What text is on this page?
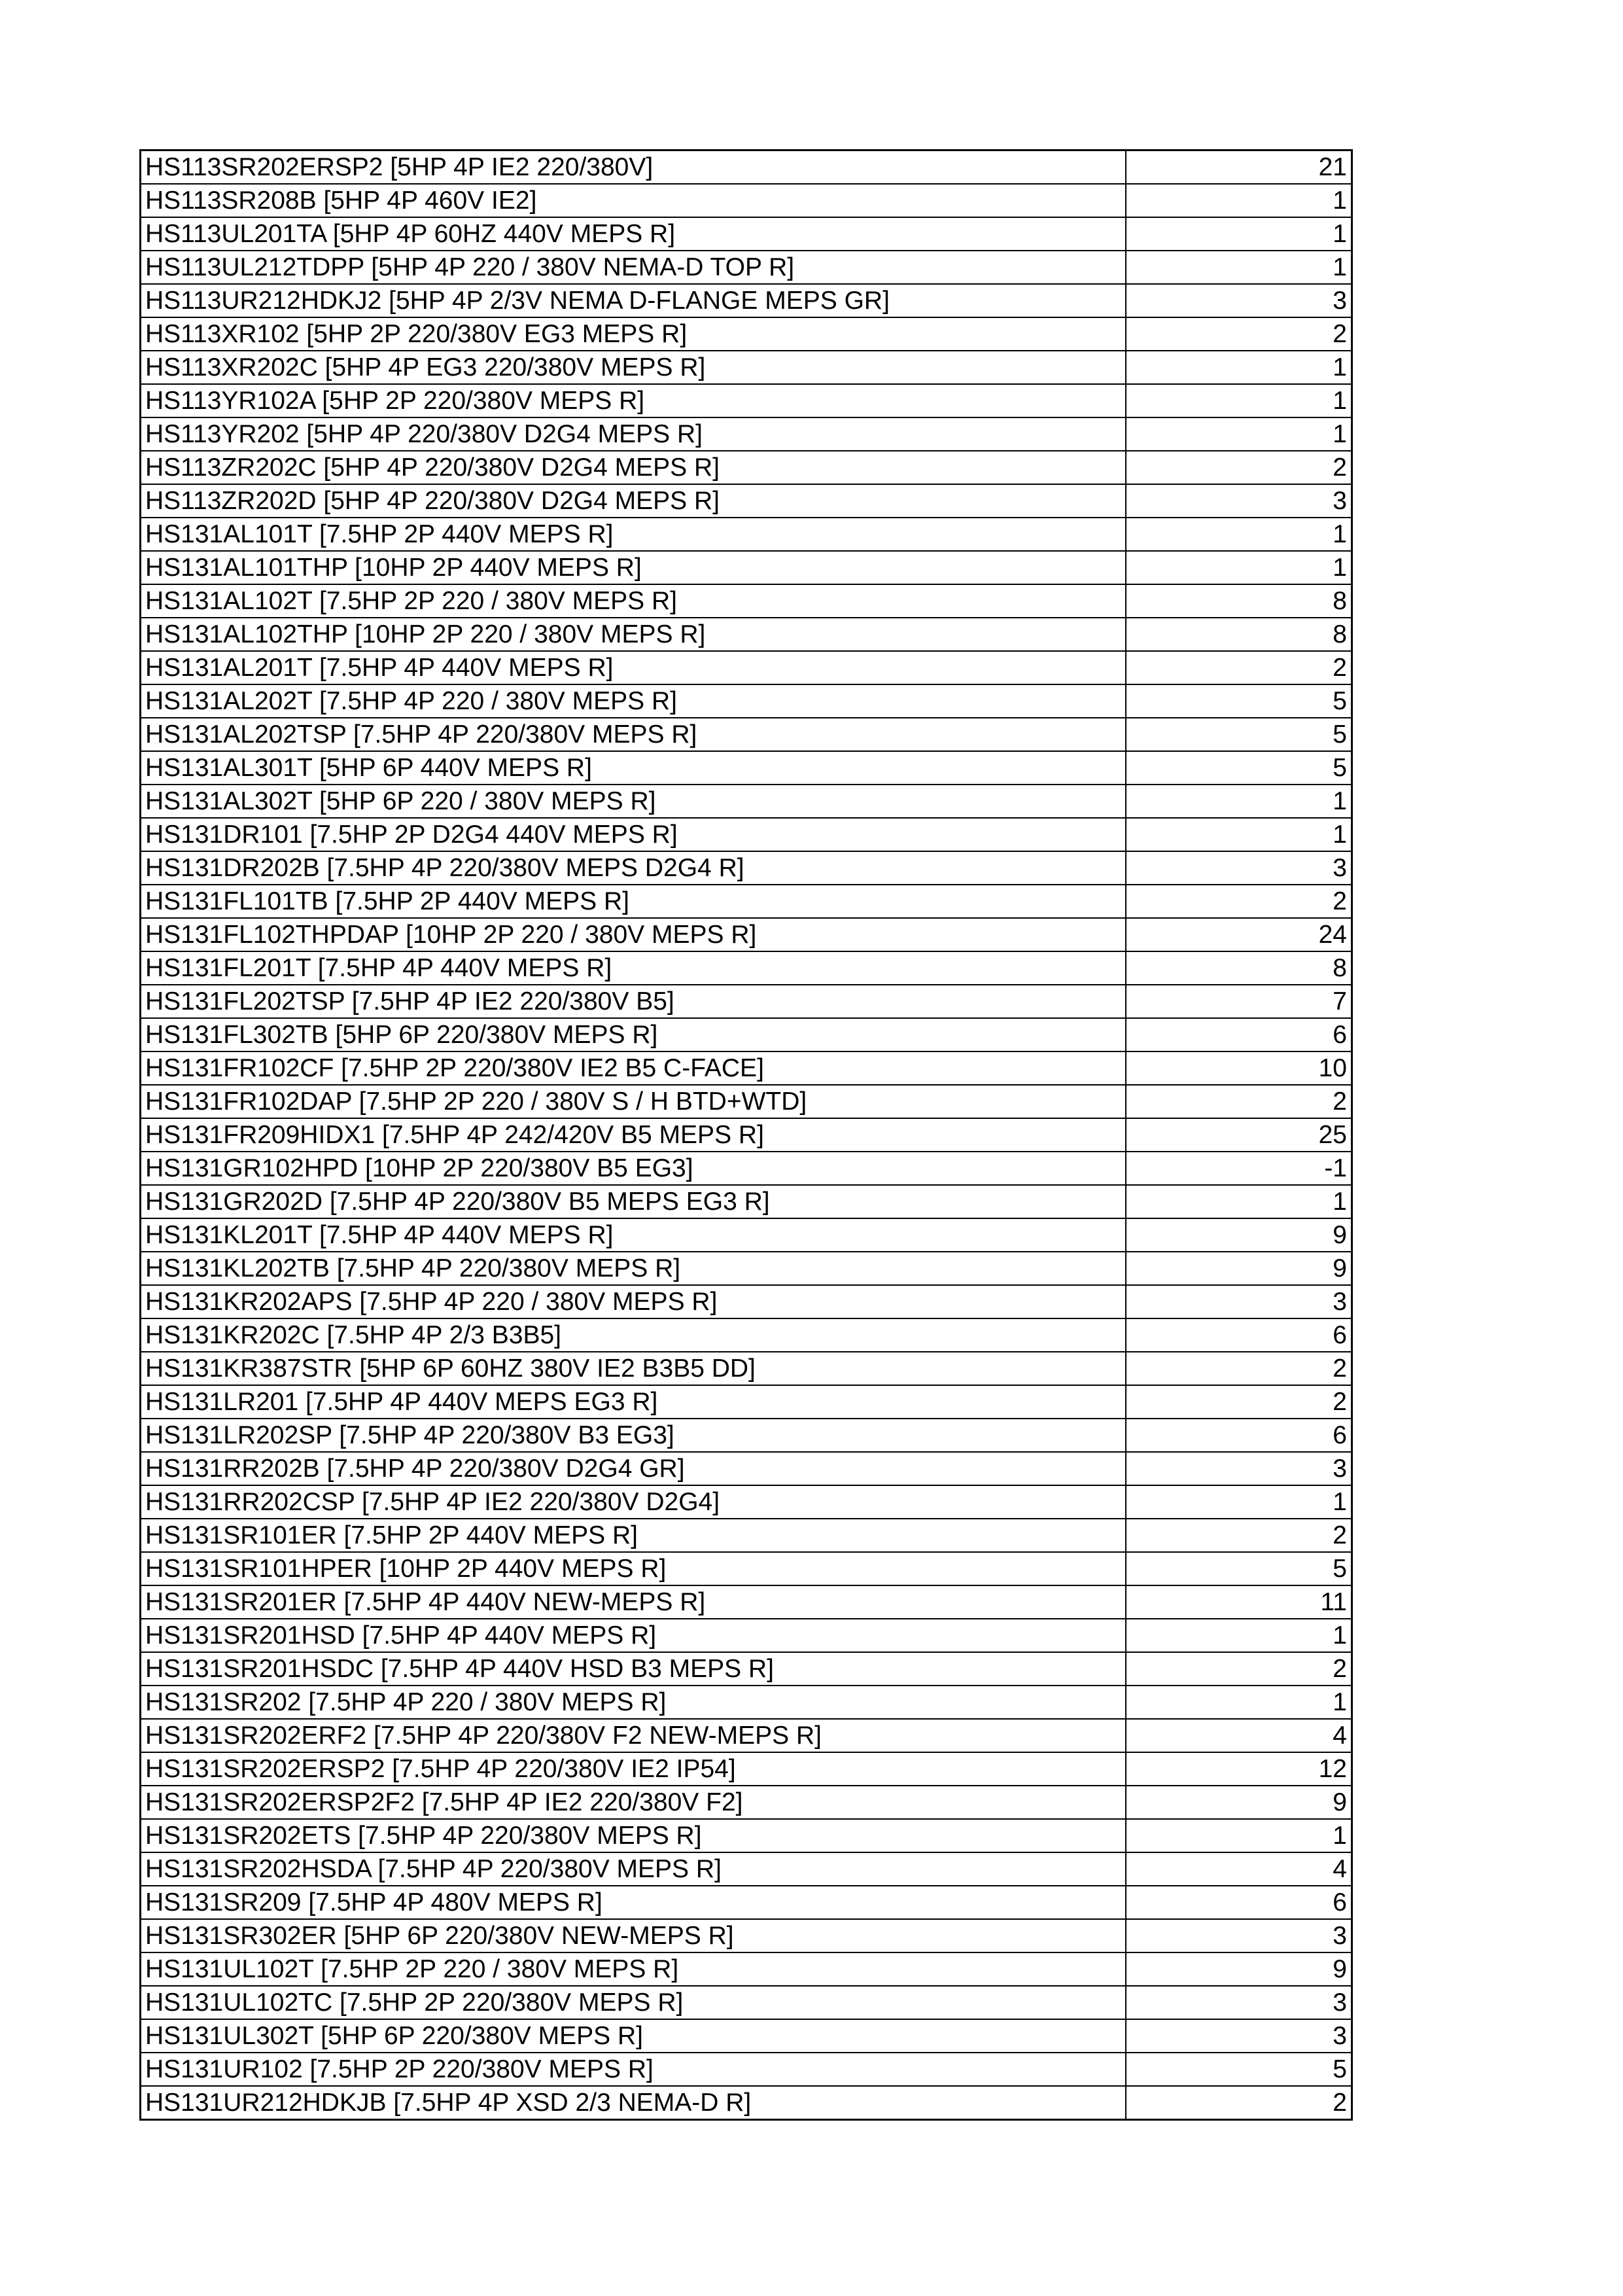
HS113SR202ERSP2 [5HP 4P IE2 220/380V]	21
HS113SR208B [5HP 4P 460V IE2]	1
HS113UL201TA [5HP 4P 60HZ 440V MEPS R]	1
HS113UL212TDPP [5HP 4P 220 / 380V NEMA-D TOP R]	1
HS113UR212HDKJ2 [5HP 4P 2/3V NEMA D-FLANGE MEPS GR]	3
HS113XR102 [5HP 2P 220/380V EG3 MEPS R]	2
HS113XR202C [5HP 4P EG3 220/380V MEPS R]	1
HS113YR102A [5HP 2P 220/380V MEPS R]	1
HS113YR202 [5HP 4P 220/380V D2G4 MEPS R]	1
HS113ZR202C [5HP 4P 220/380V D2G4 MEPS R]	2
HS113ZR202D [5HP 4P 220/380V D2G4 MEPS R]	3
HS131AL101T [7.5HP 2P 440V MEPS R]	1
HS131AL101THP [10HP 2P 440V MEPS R]	1
HS131AL102T [7.5HP 2P 220 / 380V MEPS R]	8
HS131AL102THP [10HP 2P 220 / 380V MEPS R]	8
HS131AL201T [7.5HP 4P 440V MEPS R]	2
HS131AL202T [7.5HP 4P 220 / 380V MEPS R]	5
HS131AL202TSP [7.5HP 4P 220/380V MEPS R]	5
HS131AL301T [5HP 6P 440V MEPS R]	5
HS131AL302T [5HP 6P 220 / 380V MEPS R]	1
HS131DR101 [7.5HP 2P D2G4 440V MEPS R]	1
HS131DR202B [7.5HP 4P 220/380V MEPS D2G4 R]	3
HS131FL101TB [7.5HP 2P 440V MEPS R]	2
HS131FL102THPDAP [10HP 2P 220 / 380V MEPS R]	24
HS131FL201T [7.5HP 4P 440V MEPS R]	8
HS131FL202TSP [7.5HP 4P IE2 220/380V B5]	7
HS131FL302TB [5HP 6P 220/380V MEPS R]	6
HS131FR102CF [7.5HP 2P 220/380V IE2 B5 C-FACE]	10
HS131FR102DAP [7.5HP 2P 220 / 380V S / H BTD+WTD]	2
HS131FR209HIDX1 [7.5HP 4P 242/420V B5 MEPS R]	25
HS131GR102HPD [10HP 2P 220/380V B5 EG3]	-1
HS131GR202D [7.5HP 4P 220/380V B5 MEPS EG3 R]	1
HS131KL201T [7.5HP 4P 440V MEPS R]	9
HS131KL202TB [7.5HP 4P 220/380V MEPS R]	9
HS131KR202APS [7.5HP 4P 220 / 380V MEPS R]	3
HS131KR202C [7.5HP 4P 2/3 B3B5]	6
HS131KR387STR [5HP 6P 60HZ 380V IE2 B3B5 DD]	2
HS131LR201 [7.5HP 4P 440V MEPS EG3 R]	2
HS131LR202SP [7.5HP 4P 220/380V B3 EG3]	6
HS131RR202B [7.5HP 4P 220/380V D2G4 GR]	3
HS131RR202CSP [7.5HP 4P IE2 220/380V D2G4]	1
HS131SR101ER [7.5HP 2P 440V MEPS R]	2
HS131SR101HPER [10HP 2P 440V MEPS R]	5
HS131SR201ER [7.5HP 4P 440V NEW-MEPS R]	11
HS131SR201HSD [7.5HP 4P 440V MEPS R]	1
HS131SR201HSDC [7.5HP 4P 440V HSD B3 MEPS R]	2
HS131SR202 [7.5HP 4P 220 / 380V MEPS R]	1
HS131SR202ERF2 [7.5HP 4P 220/380V F2 NEW-MEPS R]	4
HS131SR202ERSP2 [7.5HP 4P 220/380V IE2 IP54]	12
HS131SR202ERSP2F2 [7.5HP 4P IE2 220/380V F2]	9
HS131SR202ETS [7.5HP 4P 220/380V MEPS R]	1
HS131SR202HSDA [7.5HP 4P 220/380V MEPS R]	4
HS131SR209 [7.5HP 4P 480V MEPS R]	6
HS131SR302ER [5HP 6P 220/380V NEW-MEPS R]	3
HS131UL102T [7.5HP 2P 220 / 380V MEPS R]	9
HS131UL102TC [7.5HP 2P 220/380V MEPS R]	3
HS131UL302T [5HP 6P 220/380V MEPS R]	3
HS131UR102 [7.5HP 2P 220/380V MEPS R]	5
HS131UR212HDKJB [7.5HP 4P XSD 2/3 NEMA-D R]	2
